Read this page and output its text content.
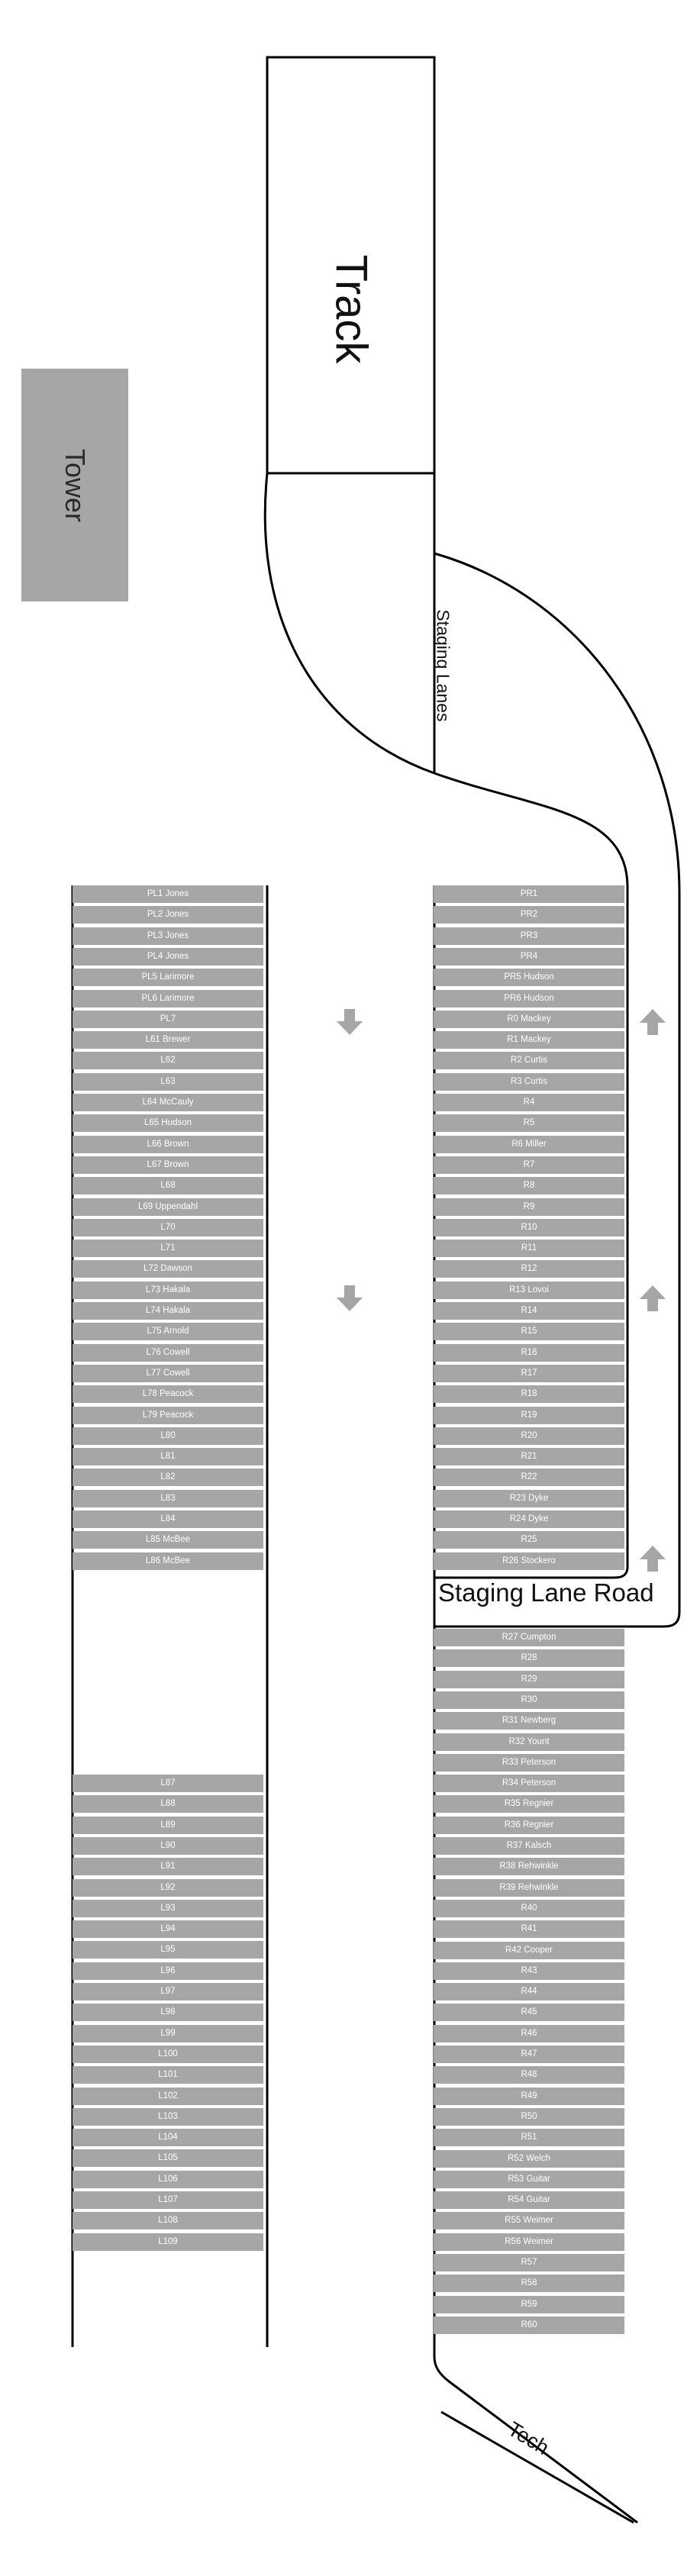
Tower
Track
Staging Lanes
Staging Lane Road
Tech
PL1 Jones
PL2 Jones
PL3 Jones
PL4 Jones
PL5 Larimore
PL6 Larimore
PL7
L61 Brewer
L62
L63
L64 McCauly
L65 Hudson
L66 Brown
L67 Brown
L68
L69 Uppendahl
L70
L71
L72 Dawson
L73 Hakala
L74 Hakala
L75 Arnold
L76 Cowell
L77 Cowell
L78 Peacock
L79 Peacock
L80
L81
L82
L83
L84
L85 McBee
L86 McBee
L87
L88
L89
L90
L91
L92
L93
L94
L95
L96
L97
L98
L99
L100
L101
L102
L103
L104
L105
L106
L107
L108
L109
PR1
PR2
PR3
PR4
PR5 Hudson
PR6 Hudson
R0 Mackey
R1 Mackey
R2 Curtis
R3 Curtis
R4
R5
R6 Miller
R7
R8
R9
R10
R11
R12
R13 Lovoi
R14
R15
R16
R17
R18
R19
R20
R21
R22
R23 Dyke
R24 Dyke
R25
R26 Stockero
R27 Cumpton
R28
R29
R30
R31 Newberg
R32 Yount
R33 Peterson
R34 Peterson
R35 Regnier
R36 Regnier
R37 Kalsch
R38 Rehwinkle
R39 Rehwinkle
R40
R41
R42 Cooper
R43
R44
R45
R46
R47
R48
R49
R50
R51
R52 Welch
R53 Guitar
R54 Guitar
R55 Weimer
R56 Weimer
R57
R58
R59
R60
